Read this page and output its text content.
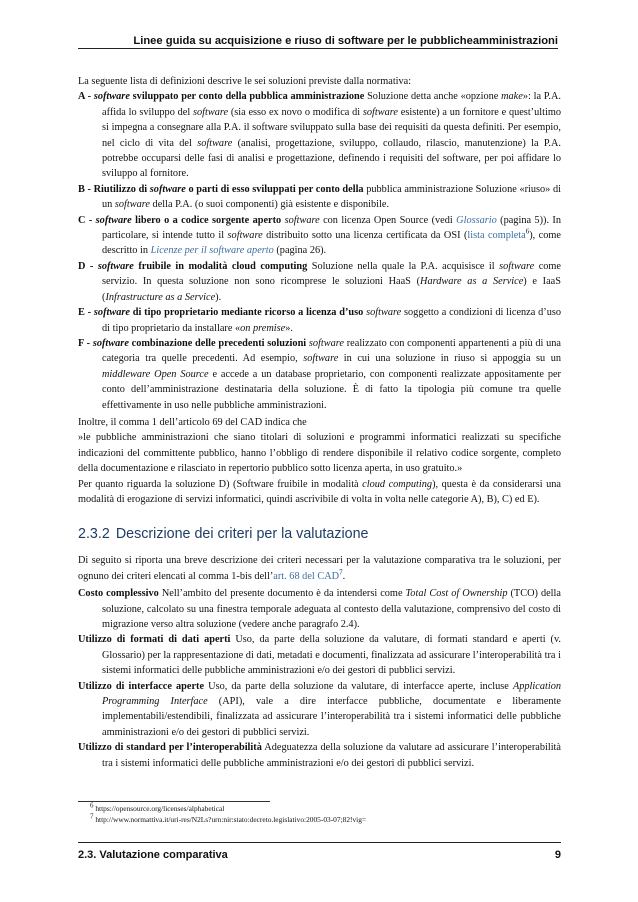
Linee guida su acquisizione e riuso di software per le pubblicheamministrazioni

La seguente lista di definizioni descrive le sei soluzioni previste dalla normativa:

A - software sviluppato per conto della pubblica amministrazione Soluzione detta anche «opzione make»: la P.A. affida lo sviluppo del software (sia esso ex novo o modifica di software esistente) a un fornitore e quest’ultimo si impegna a consegnare alla P.A. il software sviluppato sulla base dei requisiti da questa definiti. Per esempio, nel ciclo di vita del software (analisi, progettazione, sviluppo, collaudo, rilascio, manutenzione) la P.A. potrebbe occuparsi delle fasi di analisi e progettazione, definendo i requisiti del software, per poi affidare lo sviluppo al fornitore.

B - Riutilizzo di software o parti di esso sviluppati per conto della pubblica amministrazione Soluzione «riuso» di un software della P.A. (o suoi componenti) già esistente e disponibile.

C - software libero o a codice sorgente aperto software con licenza Open Source (vedi Glossario (pagina 5)). In particolare, si intende tutto il software distribuito sotto una licenza certificata da OSI (lista completa$^6$), come descritto in Licenze per il software aperto (pagina 26).

D - software fruibile in modalità cloud computing Soluzione nella quale la P.A. acquisisce il software come servizio. In questa soluzione non sono ricomprese le soluzioni HaaS (Hardware as a Service) e IaaS (Infrastructure as a Service).

E - software di tipo proprietario mediante ricorso a licenza d’uso software soggetto a condizioni di licenza d’uso di tipo proprietario da installare «on premise».

F - software combinazione delle precedenti soluzioni software realizzato con componenti appartenenti a più di una categoria tra quelle precedenti. Ad esempio, software in cui una soluzione in riuso si appoggia su un middleware Open Source e accede a un database proprietario, con componenti realizzate appositamente per conto dell’amministrazione destinataria della soluzione. È di fatto la tipologia più comune tra quelle effettivamente in uso nelle pubbliche amministrazioni.

Inoltre, il comma 1 dell’articolo 69 del CAD indica che

»le pubbliche amministrazioni che siano titolari di soluzioni e programmi informatici realizzati su specifiche indicazioni del committente pubblico, hanno l’obbligo di rendere disponibile il relativo codice sorgente, completo della documentazione e rilasciato in repertorio pubblico sotto licenza aperta, in uso gratuito.»

Per quanto riguarda la soluzione D) (Software fruibile in modalità cloud computing), questa è da considerarsi una modalità di erogazione di servizi informatici, quindi ascrivibile di volta in volta nelle categorie A), B), C) ed E).

2.3.2 Descrizione dei criteri per la valutazione

Di seguito si riporta una breve descrizione dei criteri necessari per la valutazione comparativa tra le soluzioni, per ognuno dei criteri elencati al comma 1-bis dell’art. 68 del CAD$^7$.

Costo complessivo Nell’ambito del presente documento è da intendersi come Total Cost of Ownership (TCO) della soluzione, calcolato su una finestra temporale adeguata al contesto della valutazione, comprensivo del costo di migrazione verso altra soluzione (vedere anche paragrafo 2.4).

Utilizzo di formati di dati aperti Uso, da parte della soluzione da valutare, di formati standard e aperti (v. Glossario) per la rappresentazione di dati, metadati e documenti, finalizzata ad assicurare l’interoperabilità tra i sistemi informatici delle pubbliche amministrazioni e/o dei gestori di pubblici servizi.

Utilizzo di interfacce aperte Uso, da parte della soluzione da valutare, di interfacce aperte, incluse Application Programming Interface (API), vale a dire interfacce pubbliche, documentate e liberamente implementabili/estendibili, finalizzata ad assicurare l’interoperabilità tra i sistemi informatici delle pubbliche amministrazioni e/o dei gestori di pubblici servizi.

Utilizzo di standard per l’interoperabilità Adeguatezza della soluzione da valutare ad assicurare l’interoperabilità tra i sistemi informatici delle pubbliche amministrazioni e/o dei gestori di pubblici servizi.

$^6$ https://opensource.org/licenses/alphabetical
$^7$ http://www.normattiva.it/uri-res/N2Ls?urn:nir:stato:decreto.legislativo:2005-03-07;82!vig=
2.3. Valutazione comparativa	9
